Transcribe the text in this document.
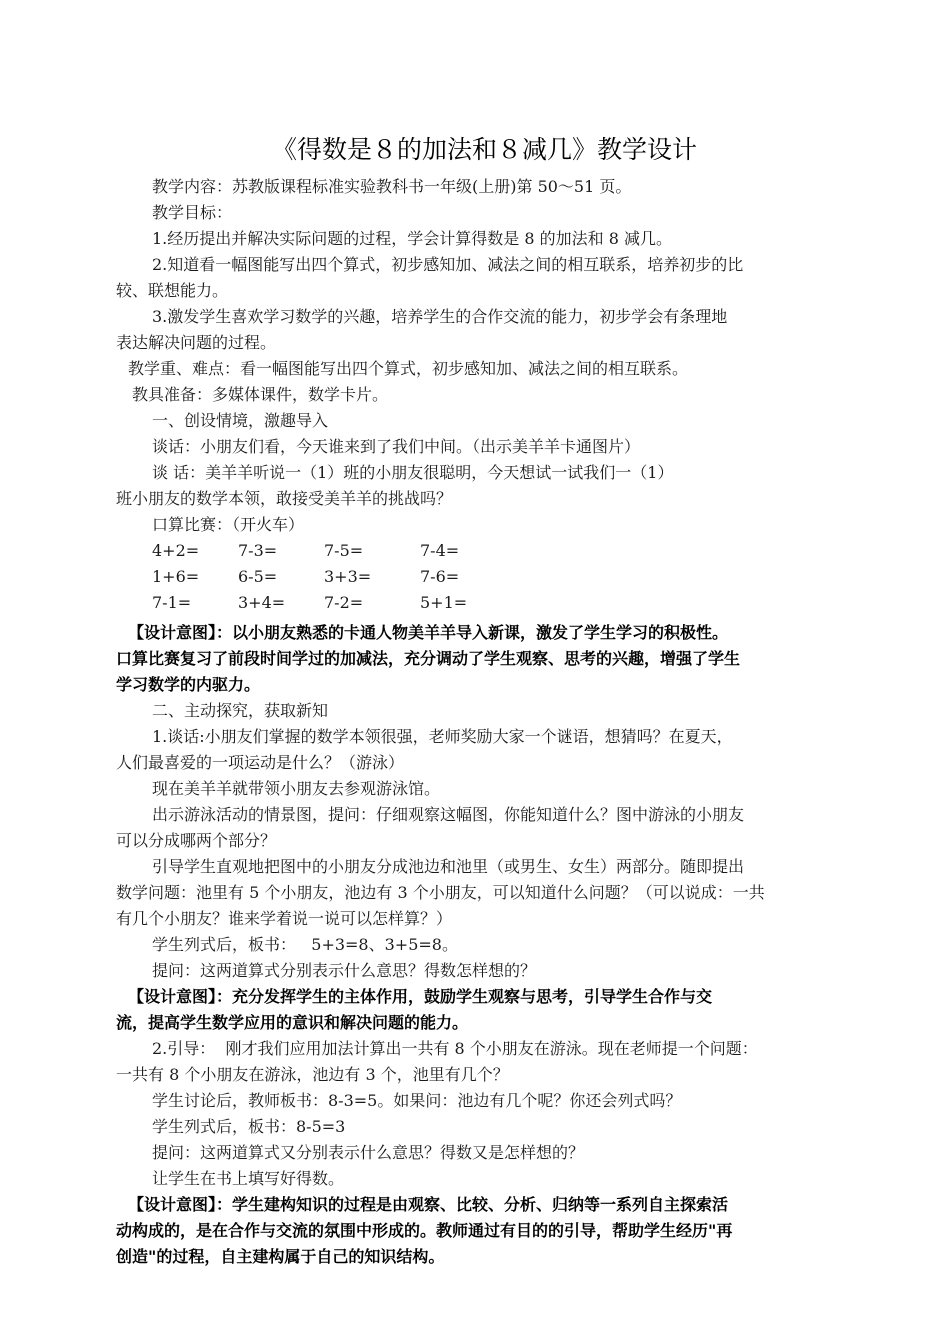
《得数是８的加法和８减几》教学设计
教学内容：苏教版课程标准实验教科书一年级(上册)第 50～51 页。
教学目标：
1.经历提出并解决实际问题的过程，学会计算得数是 8 的加法和 8 减几。
2.知道看一幅图能写出四个算式，初步感知加、减法之间的相互联系，培养初步的比
较、联想能力。
3.激发学生喜欢学习数学的兴趣，培养学生的合作交流的能力，初步学会有条理地
表达解决问题的过程。
教学重、难点：看一幅图能写出四个算式，初步感知加、减法之间的相互联系。
教具准备：多媒体课件，数学卡片。
一、创设情境，激趣导入
谈话：小朋友们看，今天谁来到了我们中间。（出示美羊羊卡通图片）
谈 话：美羊羊听说一（1）班的小朋友很聪明，今天想试一试我们一（1）
班小朋友的数学本领，敢接受美羊羊的挑战吗？
口算比赛：（开火车）
4+2= 7-3=	7-5=	7-4=
1+6= 6-5=	3+3=	7-6=
7-1=	3+4= 7-2=	5+1=
【设计意图】：以小朋友熟悉的卡通人物美羊羊导入新课，激发了学生学习的积极性。
口算比赛复习了前段时间学过的加减法，充分调动了学生观察、思考的兴趣，增强了学生
学习数学的内驱力。
二、主动探究，获取新知
1.谈话:小朋友们掌握的数学本领很强，老师奖励大家一个谜语，想猜吗？在夏天，
人们最喜爱的一项运动是什么？（游泳）
现在美羊羊就带领小朋友去参观游泳馆。
出示游泳活动的情景图，提问：仔细观察这幅图，你能知道什么？图中游泳的小朋友
可以分成哪两个部分？
引导学生直观地把图中的小朋友分成池边和池里（或男生、女生）两部分。随即提出
数学问题：池里有 5 个小朋友，池边有 3 个小朋友，可以知道什么问题？（可以说成：一共
有几个小朋友？谁来学着说一说可以怎样算？）
学生列式后，板书：   5+3=8、3+5=8。
提问：这两道算式分别表示什么意思？得数怎样想的？
【设计意图】：充分发挥学生的主体作用，鼓励学生观察与思考，引导学生合作与交
流，提高学生数学应用的意识和解决问题的能力。
2.引导：  刚才我们应用加法计算出一共有 8 个小朋友在游泳。现在老师提一个问题：
一共有 8 个小朋友在游泳，池边有 3 个，池里有几个？
学生讨论后，教师板书：8-3=5。如果问：池边有几个呢？你还会列式吗？
学生列式后，板书：8-5=3
提问：这两道算式又分别表示什么意思？得数又是怎样想的？
让学生在书上填写好得数。
【设计意图】：学生建构知识的过程是由观察、比较、分析、归纳等一系列自主探索活
动构成的，是在合作与交流的氛围中形成的。教师通过有目的的引导，帮助学生经历"再
创造"的过程，自主建构属于自己的知识结构。
